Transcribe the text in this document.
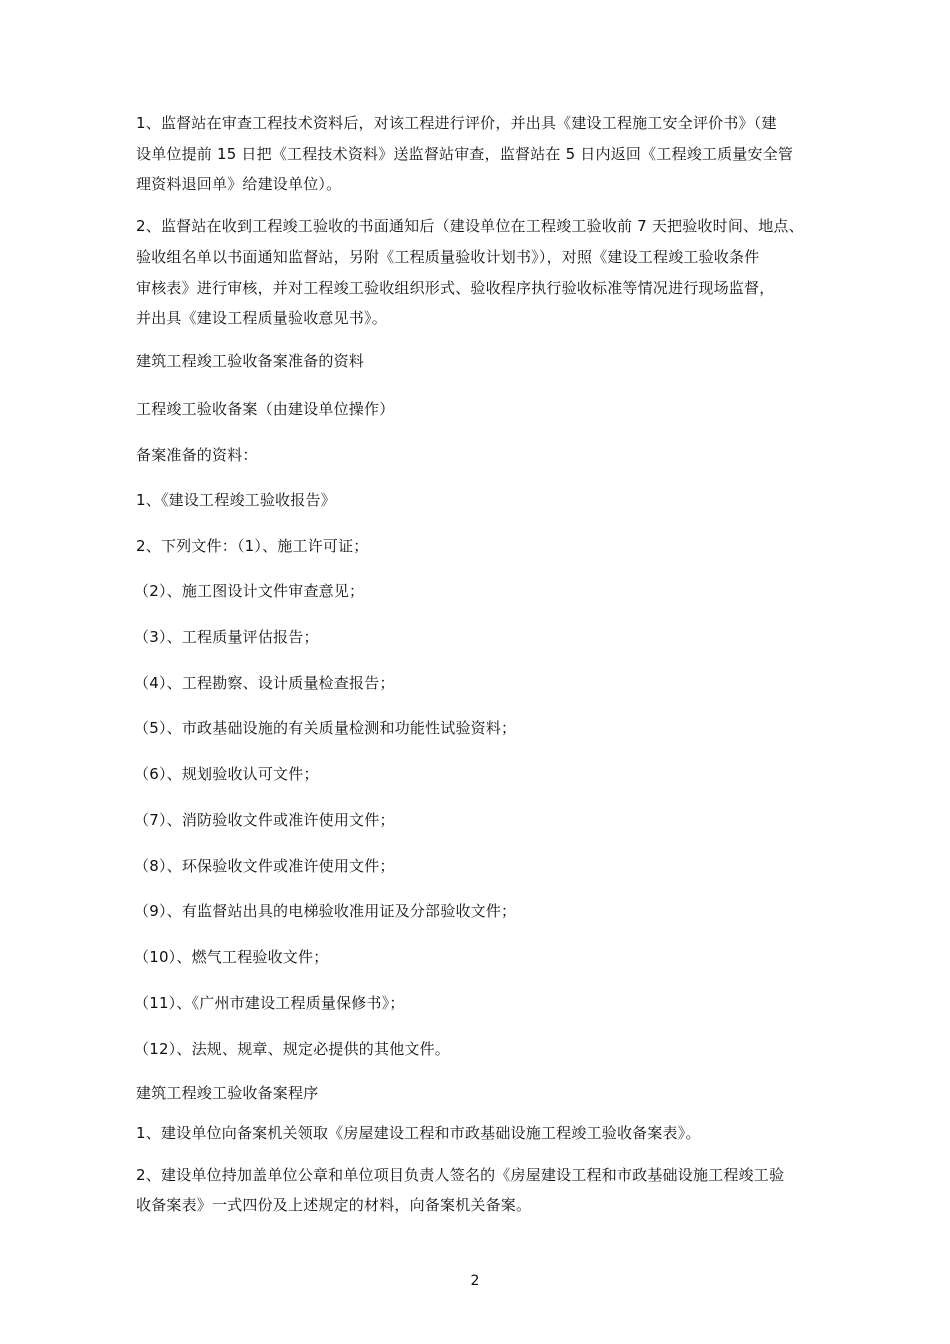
1、监督站在审查工程技术资料后，对该工程进行评价，并出具《建设工程施工安全评价书》（建
设单位提前 15 日把《工程技术资料》送监督站审查，监督站在 5 日内返回《工程竣工质量安全管
理资料退回单》给建设单位）。
2、监督站在收到工程竣工验收的书面通知后（建设单位在工程竣工验收前 7 天把验收时间、地点、
验收组名单以书面通知监督站，另附《工程质量验收计划书》），对照《建设工程竣工验收条件
审核表》进行审核，并对工程竣工验收组织形式、验收程序执行验收标准等情况进行现场监督，
并出具《建设工程质量验收意见书》。
建筑工程竣工验收备案准备的资料
工程竣工验收备案（由建设单位操作）
备案准备的资料：
1、《建设工程竣工验收报告》
2、下列文件：（1）、施工许可证；
（2）、施工图设计文件审查意见；
（3）、工程质量评估报告；
（4）、工程勘察、设计质量检查报告；
（5）、市政基础设施的有关质量检测和功能性试验资料；
（6）、规划验收认可文件；
（7）、消防验收文件或准许使用文件；
（8）、环保验收文件或准许使用文件；
（9）、有监督站出具的电梯验收准用证及分部验收文件；
（10）、燃气工程验收文件；
（11）、《广州市建设工程质量保修书》；
（12）、法规、规章、规定必提供的其他文件。
建筑工程竣工验收备案程序
1、建设单位向备案机关领取《房屋建设工程和市政基础设施工程竣工验收备案表》。
2、建设单位持加盖单位公章和单位项目负责人签名的《房屋建设工程和市政基础设施工程竣工验
收备案表》一式四份及上述规定的材料，向备案机关备案。
2
